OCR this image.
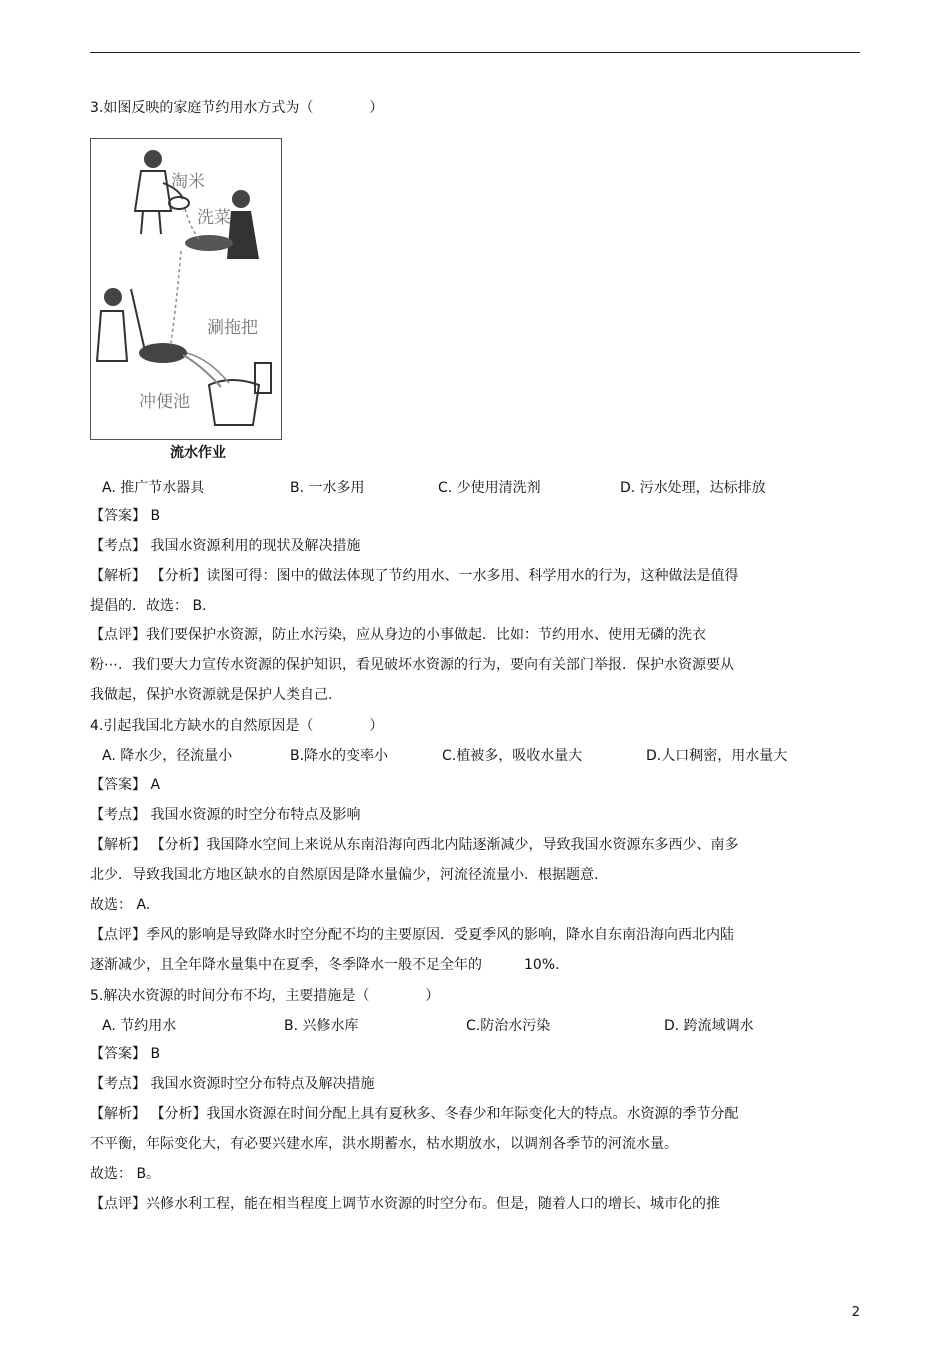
3.如图反映的家庭节约用水方式为（　　　　）
淘米
洗菜
涮拖把
冲便池
流水作业
A. 推广节水器具	B. 一水多用	C. 少使用清洗剂	D. 污水处理，达标排放
【答案】 B
【考点】 我国水资源利用的现状及解决措施
【解析】 【分析】读图可得：图中的做法体现了节约用水、一水多用、科学用水的行为，这种做法是值得
提倡的．故选： B.
【点评】我们要保护水资源，防止水污染，应从身边的小事做起．比如：节约用水、使用无磷的洗衣
粉⋯．我们要大力宣传水资源的保护知识，看见破坏水资源的行为，要向有关部门举报．保护水资源要从
我做起，保护水资源就是保护人类自己.
4.引起我国北方缺水的自然原因是（　　　　）
A. 降水少，径流量小	B.降水的变率小	C.植被多，吸收水量大	D.人口稠密，用水量大
【答案】 A
【考点】 我国水资源的时空分布特点及影响
【解析】 【分析】我国降水空间上来说从东南沿海向西北内陆逐渐减少，导致我国水资源东多西少、南多
北少．导致我国北方地区缺水的自然原因是降水量偏少，河流径流量小．根据题意.
故选： A.
【点评】季风的影响是导致降水时空分配不均的主要原因．受夏季风的影响，降水自东南沿海向西北内陆
逐渐减少，且全年降水量集中在夏季，冬季降水一般不足全年的　　　10%.
5.解决水资源的时间分布不均，主要措施是（　　　　）
A. 节约用水	B. 兴修水库	C.防治水污染	D. 跨流域调水
【答案】 B
【考点】 我国水资源时空分布特点及解决措施
【解析】 【分析】我国水资源在时间分配上具有夏秋多、冬春少和年际变化大的特点。水资源的季节分配
不平衡，年际变化大，有必要兴建水库，洪水期蓄水，枯水期放水，以调剂各季节的河流水量。
故选： B。
【点评】兴修水利工程，能在相当程度上调节水资源的时空分布。但是，随着人口的增长、城市化的推
2
